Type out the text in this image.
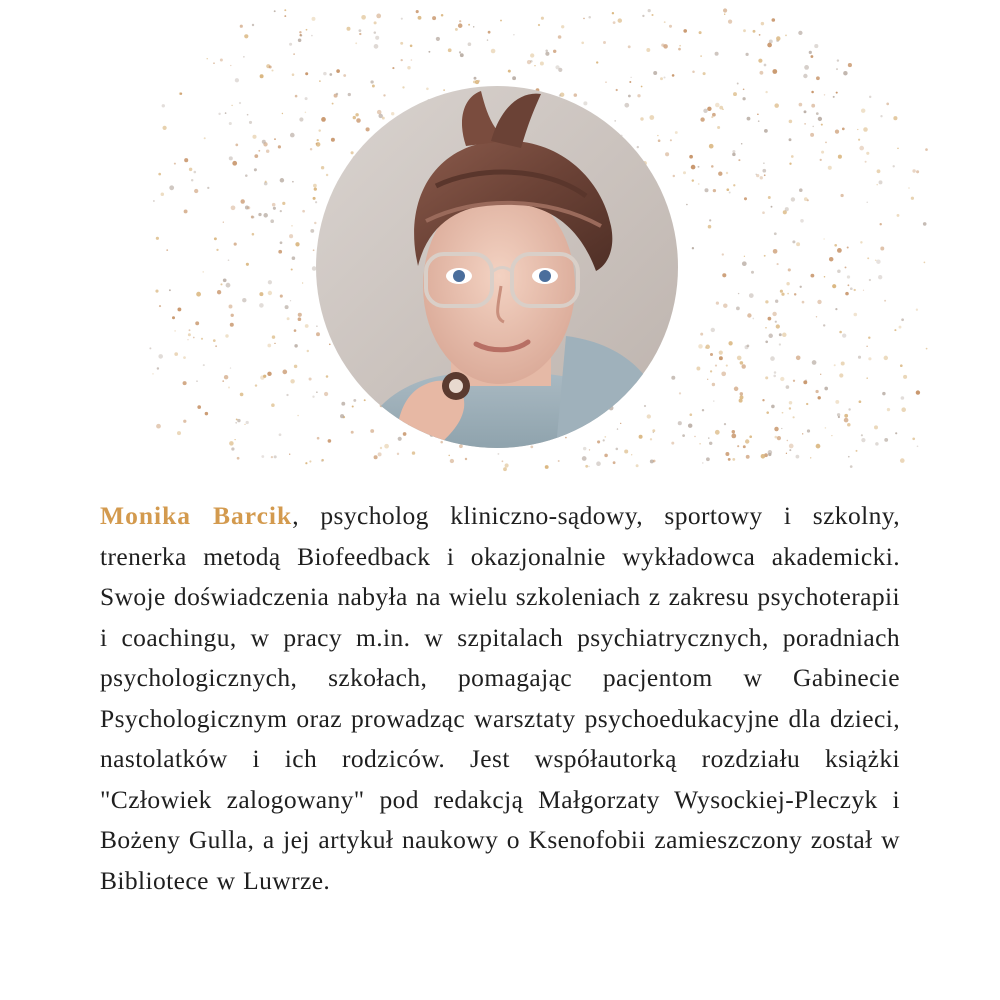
Monika Barcik, psycholog kliniczno-sądowy, sportowy i szkolny, trenerka metodą Biofeedback i okazjonalnie wykładowca akademicki. Swoje doświadczenia nabyła na wielu szkoleniach z zakresu psychoterapii i coachingu, w pracy m.in. w szpitalach psychiatrycznych, poradniach psychologicznych, szkołach, pomagając pacjentom w Gabinecie Psychologicznym oraz prowadząc warsztaty psychoedukacyjne dla dzieci, nastolatków i ich rodziców. Jest współautorką rozdziału książki "Człowiek zalogowany" pod redakcją Małgorzaty Wysockiej-Pleczyk i Bożeny Gulla, a jej artykuł naukowy o Ksenofobii zamieszczony został w Bibliotece w Luwrze.
